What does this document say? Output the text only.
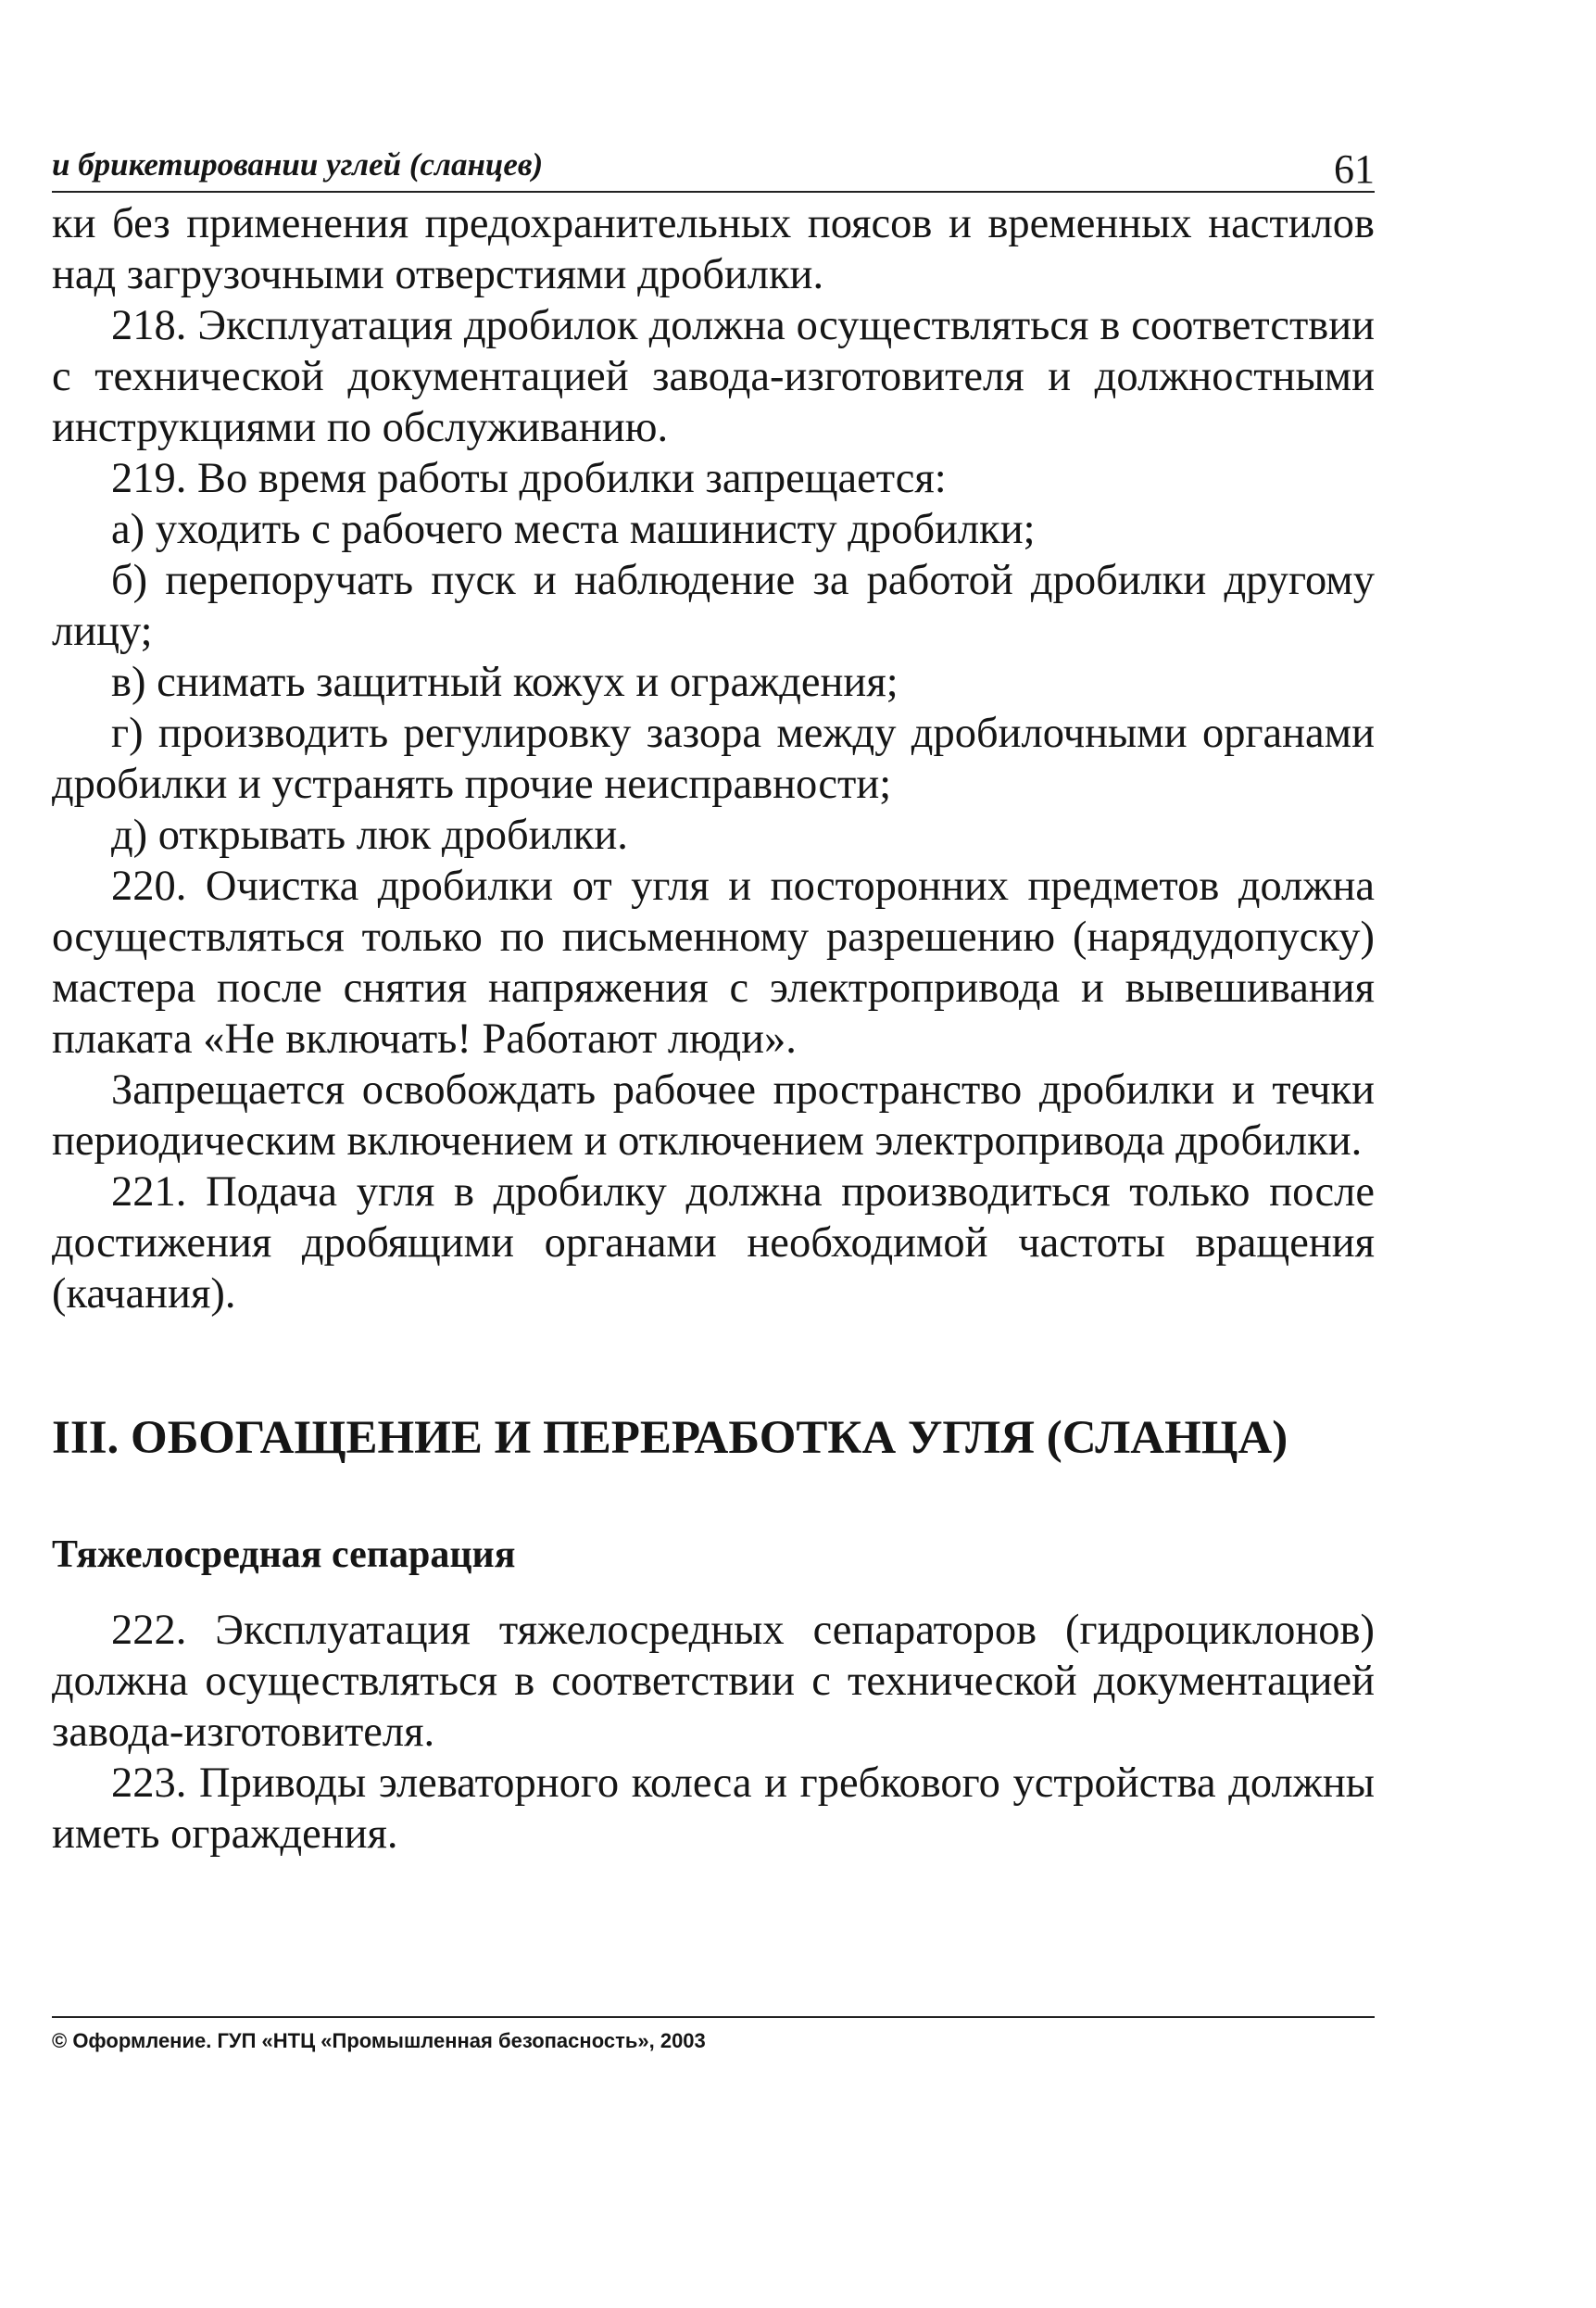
и брикетировании углей (сланцев)	61

ки без применения предохранительных поясов и временных настилов над загрузочными отверстиями дробилки.

218. Эксплуатация дробилок должна осуществляться в соответствии с технической документацией завода-изготовителя и должностными инструкциями по обслуживанию.

219. Во время работы дробилки запрещается:

а) уходить с рабочего места машинисту дробилки;

б) перепоручать пуск и наблюдение за работой дробилки другому лицу;

в) снимать защитный кожух и ограждения;

г) производить регулировку зазора между дробилочными органами дробилки и устранять прочие неисправности;

д) открывать люк дробилки.

220. Очистка дробилки от угля и посторонних предметов должна осуществляться только по письменному разрешению (нарядудопуску) мастера после снятия напряжения с электропривода и вывешивания плаката «Не включать! Работают люди».

Запрещается освобождать рабочее пространство дробилки и течки периодическим включением и отключением электропривода дробилки.

221. Подача угля в дробилку должна производиться только после достижения дробящими органами необходимой частоты вращения (качания).

III. ОБОГАЩЕНИЕ И ПЕРЕРАБОТКА УГЛЯ (СЛАНЦА)
Тяжелосредная сепарация

222. Эксплуатация тяжелосредных сепараторов (гидроциклонов) должна осуществляться в соответствии с технической документацией завода-изготовителя.

223. Приводы элеваторного колеса и гребкового устройства должны иметь ограждения.

© Оформление. ГУП «НТЦ «Промышленная безопасность», 2003
